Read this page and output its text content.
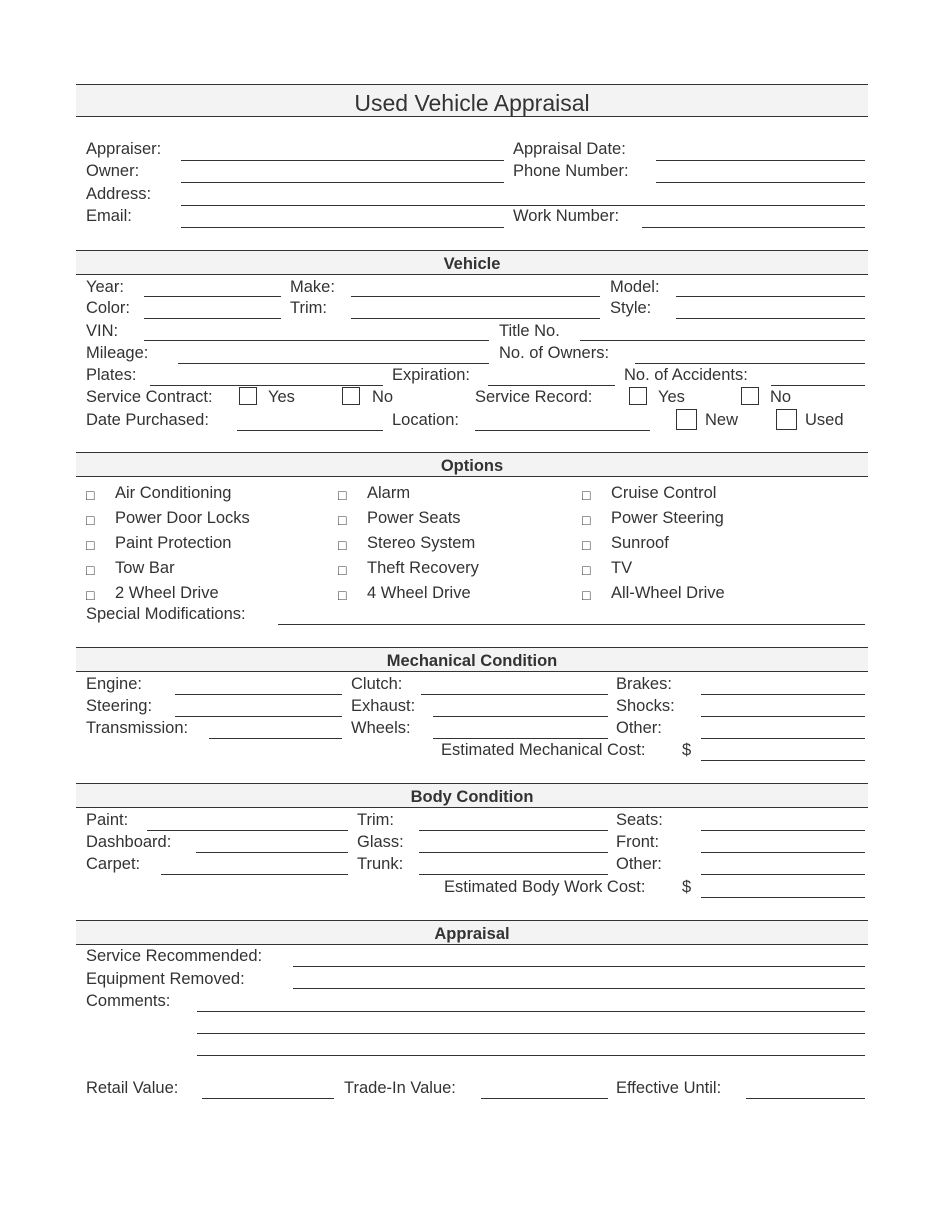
Used Vehicle Appraisal
Appraiser:	Appraisal Date:
Owner:	Phone Number:
Address:
Email:	Work Number:
Vehicle
Year:	Make:	Model:
Color:	Trim:	Style:
VIN:	Title No.
Mileage:	No. of Owners:
Plates:	Expiration:	No. of Accidents:
Service Contract:	Yes	No	Service Record:	Yes	No
Date Purchased:	Location:	New	Used
Options
□ Air Conditioning
□ Power Door Locks
□ Paint Protection
□ Tow Bar
□ 2 Wheel Drive
□ Alarm
□ Power Seats
□ Stereo System
□ Theft Recovery
□ 4 Wheel Drive
□ Cruise Control
□ Power Steering
□ Sunroof
□ TV
□ All-Wheel Drive
Special Modifications:
Mechanical Condition
Engine:	Clutch:	Brakes:
Steering:	Exhaust:	Shocks:
Transmission:	Wheels:	Other:
Estimated Mechanical Cost: $
Body Condition
Paint:	Trim:	Seats:
Dashboard:	Glass:	Front:
Carpet:	Trunk:	Other:
Estimated Body Work Cost: $
Appraisal
Service Recommended:
Equipment Removed:
Comments:
Retail Value:	Trade-In Value:	Effective Until:
